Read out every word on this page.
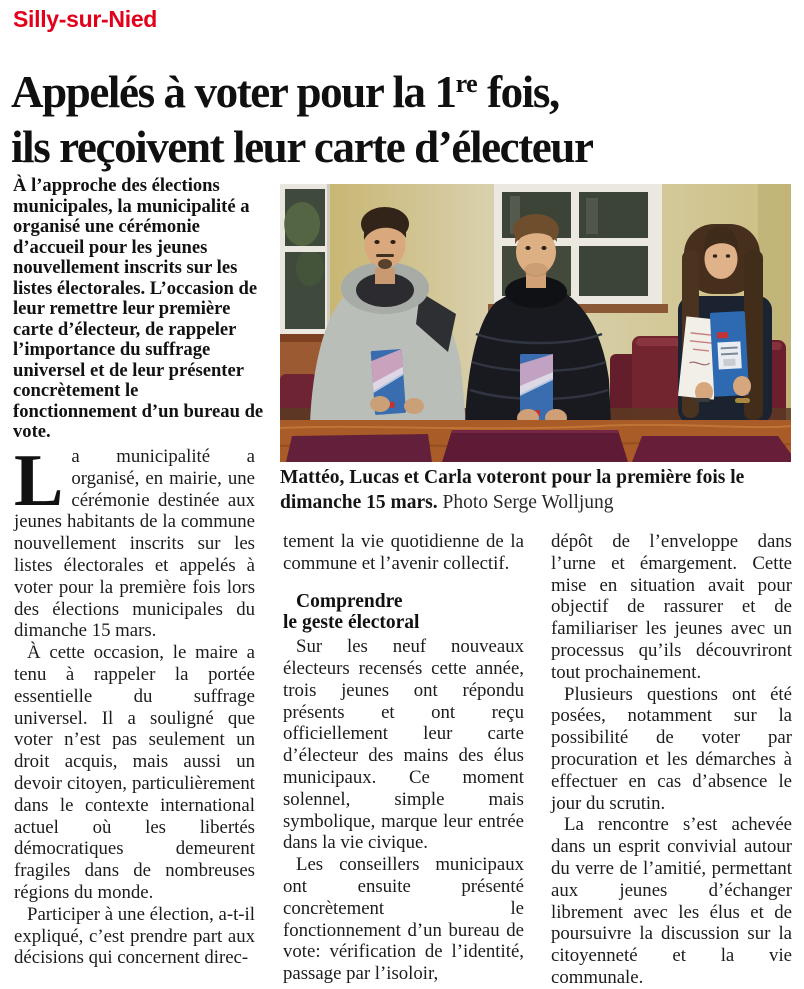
Silly-sur-Nied
Appelés à voter pour la 1re fois,
ils reçoivent leur carte d’électeur
À l’approche des élections municipales, la municipalité a organisé une cérémonie d’accueil pour les jeunes nouvellement inscrits sur les listes électorales. L’occasion de leur remettre leur première carte d’électeur, de rappeler l’importance du suffrage universel et de leur présenter concrètement le fonctionnement d’un bureau de vote.
Mattéo, Lucas et Carla voteront pour la première fois le dimanche 15 mars. Photo Serge Wolljung

La municipalité a organisé, en mairie, une cérémonie destinée aux jeunes habitants de la commune nouvellement inscrits sur les listes électorales et appelés à voter pour la première fois lors des élections municipales du dimanche 15 mars.

À cette occasion, le maire a tenu à rappeler la portée essentielle du suffrage universel. Il a souligné que voter n’est pas seulement un droit acquis, mais aussi un devoir citoyen, particulièrement dans le contexte international actuel où les libertés démocratiques demeurent fragiles dans de nombreuses régions du monde.

Participer à une élection, a-t-il expliqué, c’est prendre part aux décisions qui concernent direc-

tement la vie quotidienne de la commune et l’avenir collectif.

Comprendre
le geste électoral

Sur les neuf nouveaux électeurs recensés cette année, trois jeunes ont répondu présents et ont reçu officiellement leur carte d’électeur des mains des élus municipaux. Ce moment solennel, simple mais symbolique, marque leur entrée dans la vie civique.

Les conseillers municipaux ont ensuite présenté concrètement le fonctionnement d’un bureau de vote: vérification de l’identité, passage par l’isoloir,

dépôt de l’enveloppe dans l’urne et émargement. Cette mise en situation avait pour objectif de rassurer et de familiariser les jeunes avec un processus qu’ils découvriront tout prochainement.

Plusieurs questions ont été posées, notamment sur la possibilité de voter par procuration et les démarches à effectuer en cas d’absence le jour du scrutin.

La rencontre s’est achevée dans un esprit convivial autour du verre de l’amitié, permettant aux jeunes d’échanger librement avec les élus et de poursuivre la discussion sur la citoyenneté et la vie communale.
